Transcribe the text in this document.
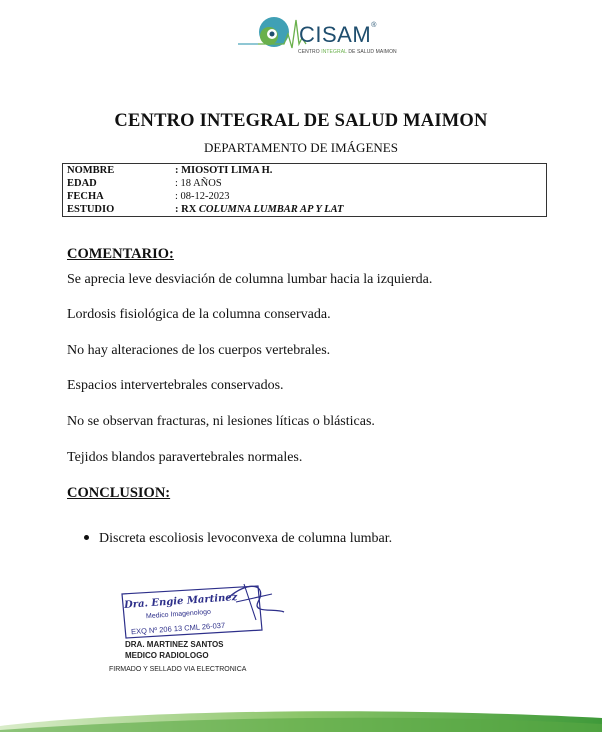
CISAM®
CENTRO INTEGRAL DE SALUD MAIMON
CENTRO INTEGRAL DE SALUD MAIMON
DEPARTAMENTO DE IMÁGENES
NOMBRE	: MIOSOTI LIMA H.
EDAD	: 18 AÑOS
FECHA	: 08-12-2023
ESTUDIO	: RX COLUMNA LUMBAR AP Y LAT
COMENTARIO:
Se aprecia leve desviación de columna lumbar hacia la izquierda.
Lordosis fisiológica de la columna conservada.
No hay alteraciones de los cuerpos vertebrales.
Espacios intervertebrales conservados.
No se observan fracturas, ni lesiones líticas o blásticas.
Tejidos blandos paravertebrales normales.
CONCLUSION:
Discreta escoliosis levoconvexa de columna lumbar.
Dra. Engie Martinez
Medico Imagenologo
EXQ Nº 206 13 CML 26-037
DRA. MARTINEZ SANTOS
MEDICO RADIOLOGO
FIRMADO Y SELLADO VIA ELECTRONICA
